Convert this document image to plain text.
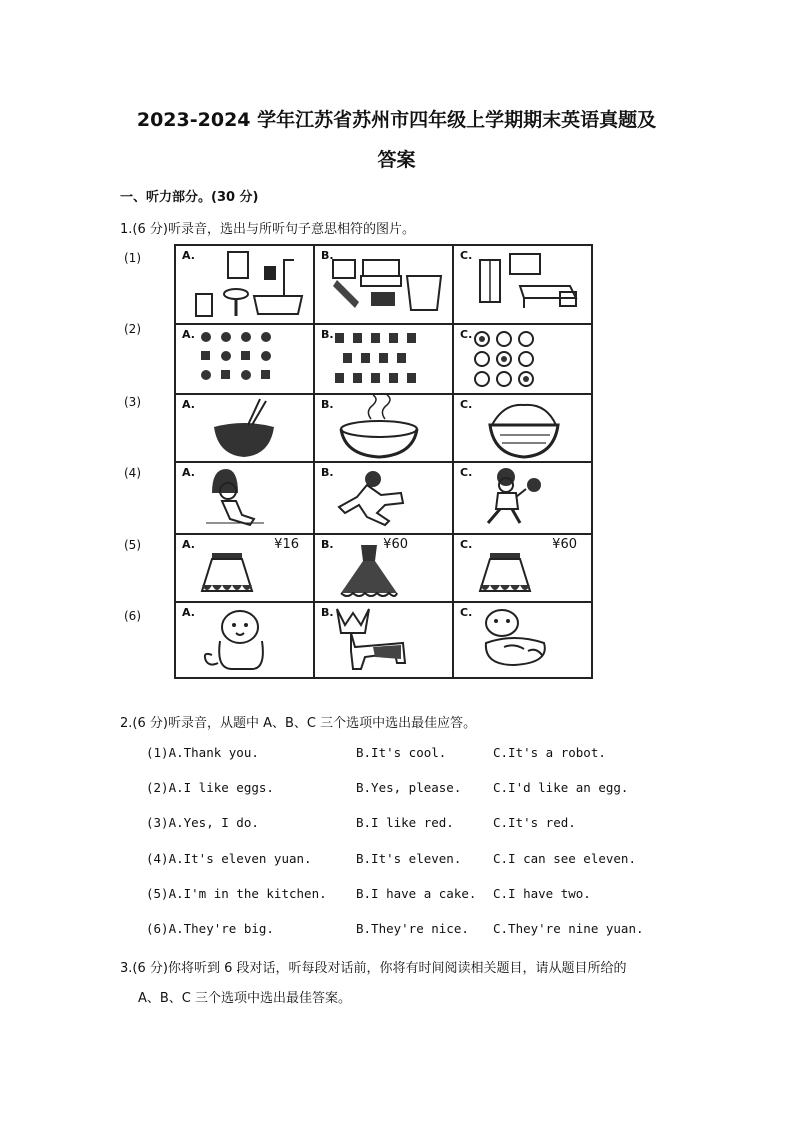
2023-2024 学年江苏省苏州市四年级上学期期末英语真题及
答案
一、听力部分。(30 分)
1.(6 分)听录音，选出与所听句子意思相符的图片。
(1)
(2)
(3)
(4)
(5)
(6)
A.	B.	C.

A.	B.	C.

A.	B.	C.

A.	B.	C.

A. ¥16	B. ¥60	C. ¥60

A.	B.	C.
2.(6 分)听录音，从题中 A、B、C 三个选项中选出最佳应答。
(1)A.Thank you.	B.It's cool.	C.It's a robot.
(2)A.I like eggs.	B.Yes, please.	C.I'd like an egg.
(3)A.Yes, I do.	B.I like red.	C.It's red.
(4)A.It's eleven yuan.	B.It's eleven.	C.I can see eleven.
(5)A.I'm in the kitchen. B.I have a cake. C.I have two.
(6)A.They're big.	B.They're nice. C.They're nine yuan.
3.(6 分)你将听到 6 段对话，听每段对话前，你将有时间阅读相关题目，请从题目所给的
A、B、C 三个选项中选出最佳答案。
